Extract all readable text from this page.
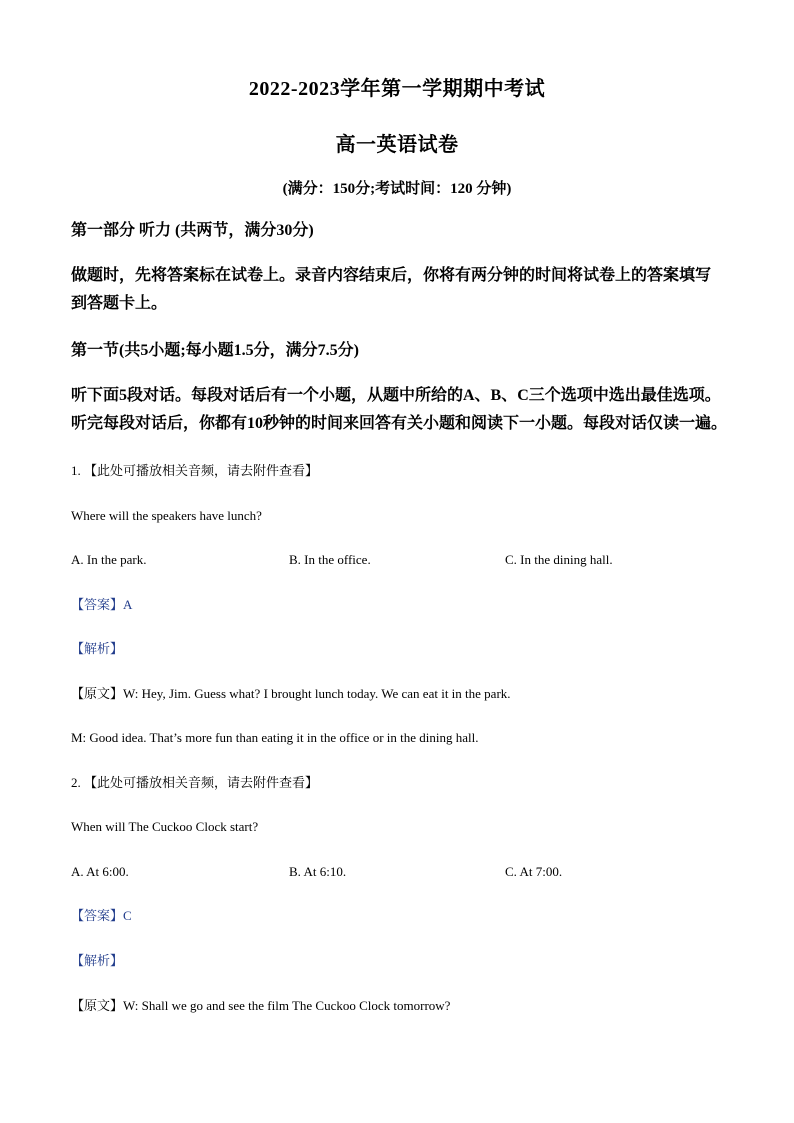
2022-2023学年第一学期期中考试
高一英语试卷
(满分：150分;考试时间：120 分钟)
第一部分 听力 (共两节，满分30分)
做题时，先将答案标在试卷上。录音内容结束后，你将有两分钟的时间将试卷上的答案填写
到答题卡上。
第一节(共5小题;每小题1.5分，满分7.5分)
听下面5段对话。每段对话后有一个小题，从题中所给的A、B、C三个选项中选出最佳选项。
听完每段对话后，你都有10秒钟的时间来回答有关小题和阅读下一小题。每段对话仅读一遍。
1. 【此处可播放相关音频，请去附件查看】
Where will the speakers have lunch?
A. In the park.	B. In the office.	C. In the dining hall.
【答案】A
【解析】
【原文】W: Hey, Jim. Guess what? I brought lunch today. We can eat it in the park.
M: Good idea. That’s more fun than eating it in the office or in the dining hall.
2. 【此处可播放相关音频，请去附件查看】
When will The Cuckoo Clock start?
A. At 6:00.	B. At 6:10.	C. At 7:00.
【答案】C
【解析】
【原文】W: Shall we go and see the film The Cuckoo Clock tomorrow?
